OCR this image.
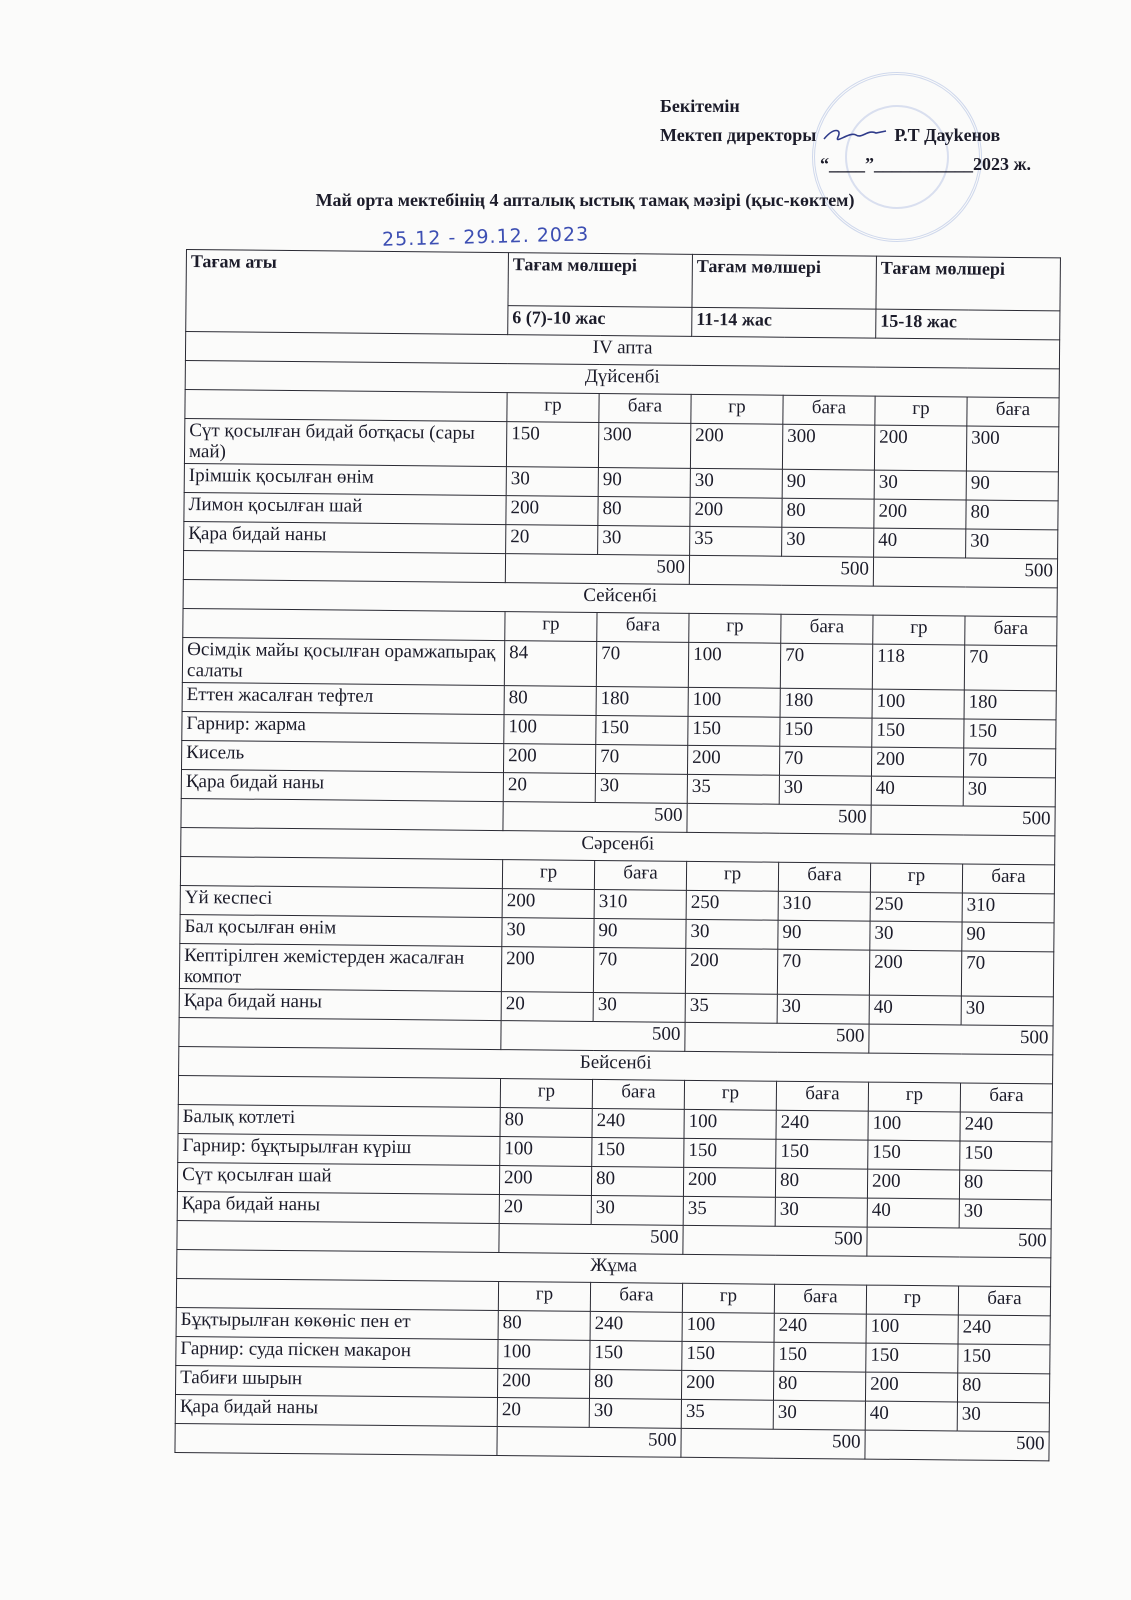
Бекітемін
Мектеп директоры	Р.Т Дауkенов
“____”___________2023 ж.
Май орта мектебінің 4 апталық ыстық тамақ мәзірі (қыс-көктем)
25.12 - 29.12. 2023
Тағам аты	Тағам мөлшері		Тағам мөлшері		Тағам мөлшері	
	6 (7)-10 жас		11-14 жас		15-18 жас	
IV апта						
Дүйсенбі						
	гр	баға	гр	баға	гр	баға
Сүт қосылған бидай ботқасы (сары май)	150	300	200	300	200	300
Ірімшік қосылған өнім	30	90	30	90	30	90
Лимон қосылған шай	200	80	200	80	200	80
Қара бидай наны	20	30	35	30	40	30
	500		500		500	
Сейсенбі						
	гр	баға	гр	баға	гр	баға
Өсімдік майы қосылған орамжапырақ салаты	84	70	100	70	118	70
Еттен жасалған тефтел	80	180	100	180	100	180
Гарнир: жарма	100	150	150	150	150	150
Кисель	200	70	200	70	200	70
Қара бидай наны	20	30	35	30	40	30
	500		500		500	
Сәрсенбі						
	гр	баға	гр	баға	гр	баға
Үй кеспесі	200	310	250	310	250	310
Бал қосылған өнім	30	90	30	90	30	90
Кептірілген жемістерден жасалған компот	200	70	200	70	200	70
Қара бидай наны	20	30	35	30	40	30
	500		500		500	
Бейсенбі						
	гр	баға	гр	баға	гр	баға
Балық котлеті	80	240	100	240	100	240
Гарнир: бұқтырылған күріш	100	150	150	150	150	150
Сүт қосылған шай	200	80	200	80	200	80
Қара бидай наны	20	30	35	30	40	30
	500		500		500	
Жұма						
	гр	баға	гр	баға	гр	баға
Бұқтырылған көкөніс пен ет	80	240	100	240	100	240
Гарнир: суда піскен макарон	100	150	150	150	150	150
Табиғи шырын	200	80	200	80	200	80
Қара бидай наны	20	30	35	30	40	30
	500		500		500	
